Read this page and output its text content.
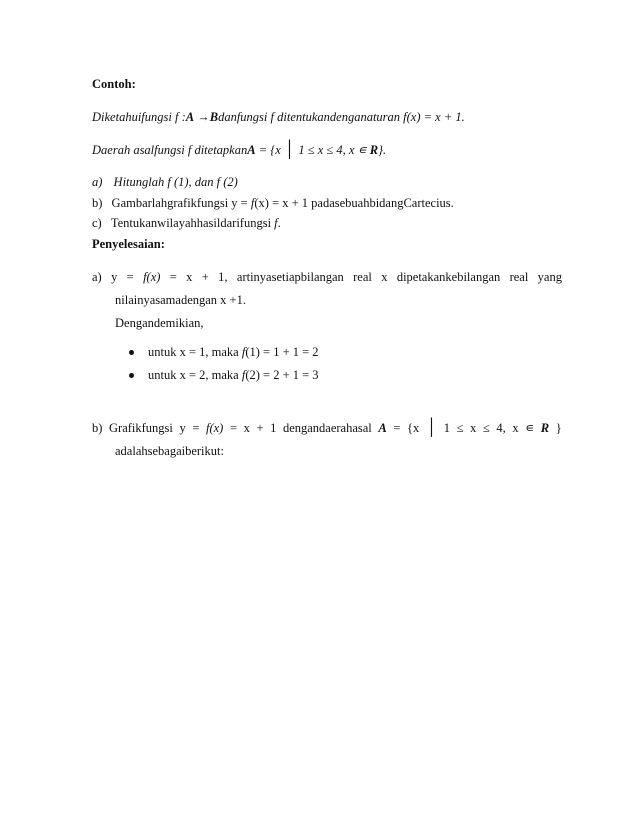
Contoh:
Diketahuifungsi f :A →Bdanfungsi f ditentukandenganaturan f(x) = x + 1.
Daerah asalfungsi f ditetapkanA = {x │ 1 ≤ x ≤ 4, x ∊ R}.
a) Hitunglah f (1), dan f (2)
b) Gambarlahgrafikfungsi y = f(x) = x + 1 padasebuahbidangCartecius.
c) Tentukanwilayahhasildarifungsi f.
Penyelesaian:
a) y = f(x) = x + 1, artinyasetiapbilangan real x dipetakankebilangan real yang
nilainyasamadengan x +1.
Dengandemikian,
untuk x = 1, maka f(1) = 1 + 1 = 2
untuk x = 2, maka f(2) = 2 + 1 = 3
b) Grafikfungsi y = f(x) = x + 1 dengandaerahasal A = {x │ 1 ≤ x ≤ 4, x ∊ R }
adalahsebagaiberikut:
